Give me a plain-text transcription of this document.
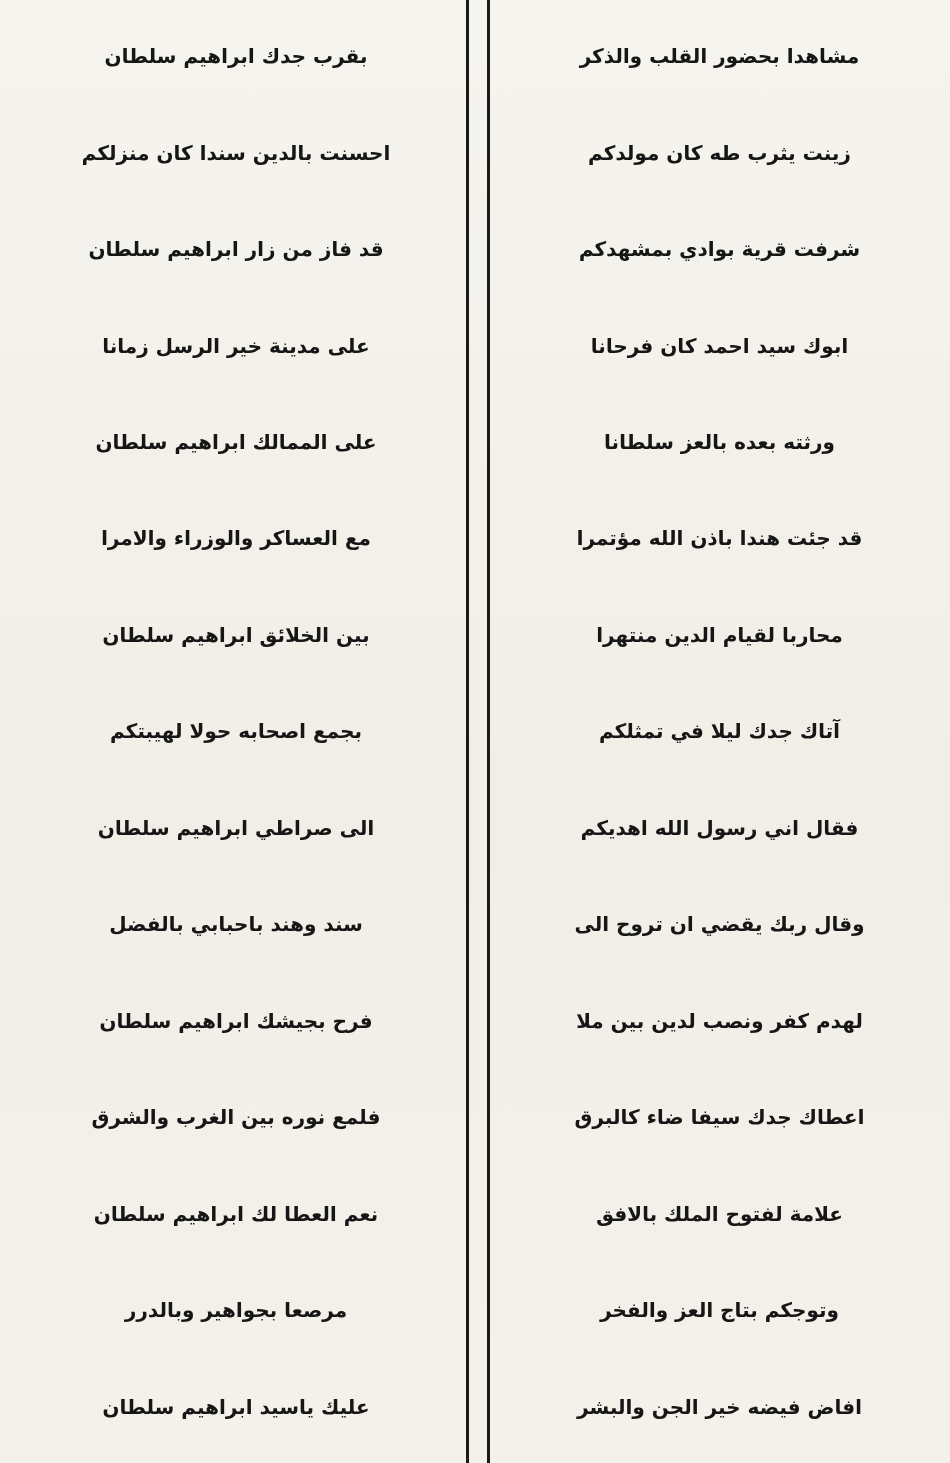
مشاهدا بحضور القلب والذكر
زينت يثرب طه كان مولدكم
شرفت قرية بوادي بمشهدكم
ابوك سيد احمد كان فرحانا
ورثته بعده بالعز سلطانا
قد جئت هندا باذن الله مؤتمرا
محاربا لقيام الدين منتهرا
آتاك جدك ليلا في تمثلكم
فقال اني رسول الله اهديكم
وقال ربك يقضي ان تروح الى
لهدم كفر ونصب لدين بين ملا
اعطاك جدك سيفا ضاء كالبرق
علامة لفتوح الملك بالافق
وتوجكم بتاج العز والفخر
افاض فيضه خير الجن والبشر
بقرب جدك ابراهيم سلطان
احسنت بالدين سندا كان منزلكم
قد فاز من زار ابراهيم سلطان
على مدينة خير الرسل زمانا
على الممالك ابراهيم سلطان
مع العساكر والوزراء والامرا
بين الخلائق ابراهيم سلطان
بجمع اصحابه حولا لهيبتكم
الى صراطي ابراهيم سلطان
سند وهند باحبابي بالفضل
فرح بجيشك ابراهيم سلطان
فلمع نوره بين الغرب والشرق
نعم العطا لك ابراهيم سلطان
مرصعا بجواهير وبالدرر
عليك ياسيد ابراهيم سلطان
